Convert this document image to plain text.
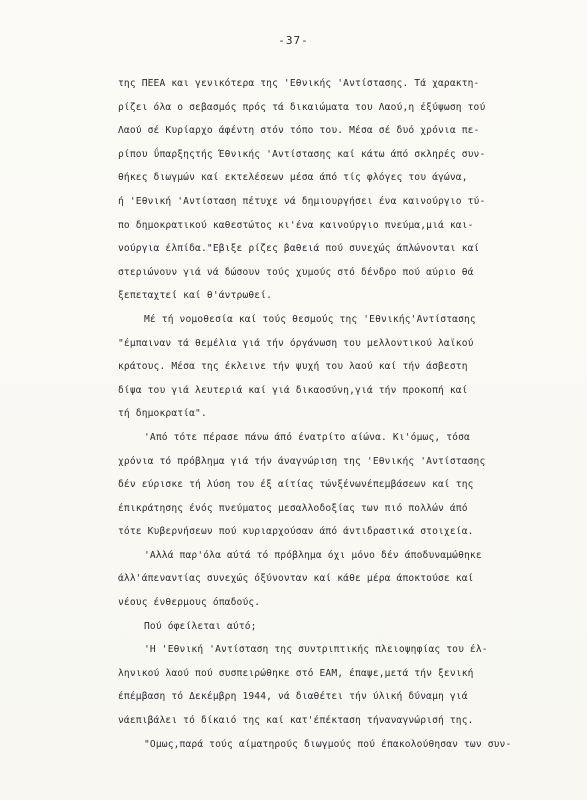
-37-
της ΠΕΕΑ και γενικότερα της 'Εθνικής 'Αντίστασης. Τά χαρακτη-
ρίζει όλα ο σεβασμός πρός τά δικαιώματα του Λαού,η έξύψωση τού
Λαού σέ Κυρίαρχο άφέντη στόν τόπο του. Μέσα σέ δυό χρόνια πε-
ρίπου ΰπαρξηςτής Έθνικής 'Αντίστασης καί κάτω άπό σκληρές συν-
θήκες διωγμών καί εκτελέσεων μέσα άπό τίς φλόγες του άγώνα,
ή 'Εθνική 'Αντίσταση πέτυχε νά δημιουργήσει ένα καινούργιο τύ-
πο δημοκρατικού καθεστώτος κι'ένα καινούργιο πνεύμα,μιά και-
νούργια έλπίδα."Εβιξε ρίζες βαθειά πού συνεχώς άπλώνονται καί
στεριώνουν γιά νά δώσουν τούς χυμούς στό δένδρο πού αύριο θά
ξεπεταχτεί καί θ'άντρωθεί.
Μέ τή νομοθεσία καί τούς θεσμούς της 'Εθνικής'Αντίστασης
"έμπαιναν τά θεμέλια γιά τήν όργάνωση του μελλοντικού λαϊκού
κράτους. Μέσα της έκλεινε τήν ψυχή του λαού καί τήν άσβεστη
δίψα του γιά λευτεριά καί γιά δικαοσύνη,γιά τήν προκοπή καί
τή δημοκρατία".
'Από τότε πέρασε πάνω άπό ένατρίτο αίώνα. Κι'όμως, τόσα
χρόνια τό πρόβλημα γιά τήν άναγνώριση της 'Εθνικής 'Αντίστασης
δέν εύρισκε τή λύση του έξ αίτίας τώνξένωνέπεμβάσεων καί της
έπικράτησης ένός πνεύματος μεσαλλοδοξίας των πιό πολλών άπό
τότε Κυβερνήσεων πού κυριαρχούσαν άπό άντιδραστικά στοιχεία.
'Αλλά παρ'όλα αύτά τό πρόβλημα όχι μόνο δέν άποδυναμώθηκε
άλλ'άπεναντίας συνεχώς όξύνονταν καί κάθε μέρα άποκτούσε καί
νέους ένθερμους όπαδούς.
Πού όφείλεται αύτό;
'Η 'Εθνική 'Αντίσταση της συντριπτικής πλειοψηφίας του έλ-
ληνικού λαού πού συσπειρώθηκε στό ΕΑΜ, έπαψε,μετά τήν ξενική
έπέμβαση τό Δεκέμβρη 1944, νά διαθέτει τήν ύλική δύναμη γιά
νάεπιβάλει τό δίκαιό της καί κατ'έπέκταση τήναναγνώρισή της.
"Ομως,παρά τούς αίματηρούς διωγμούς πού έπακολούθησαν των συν-
